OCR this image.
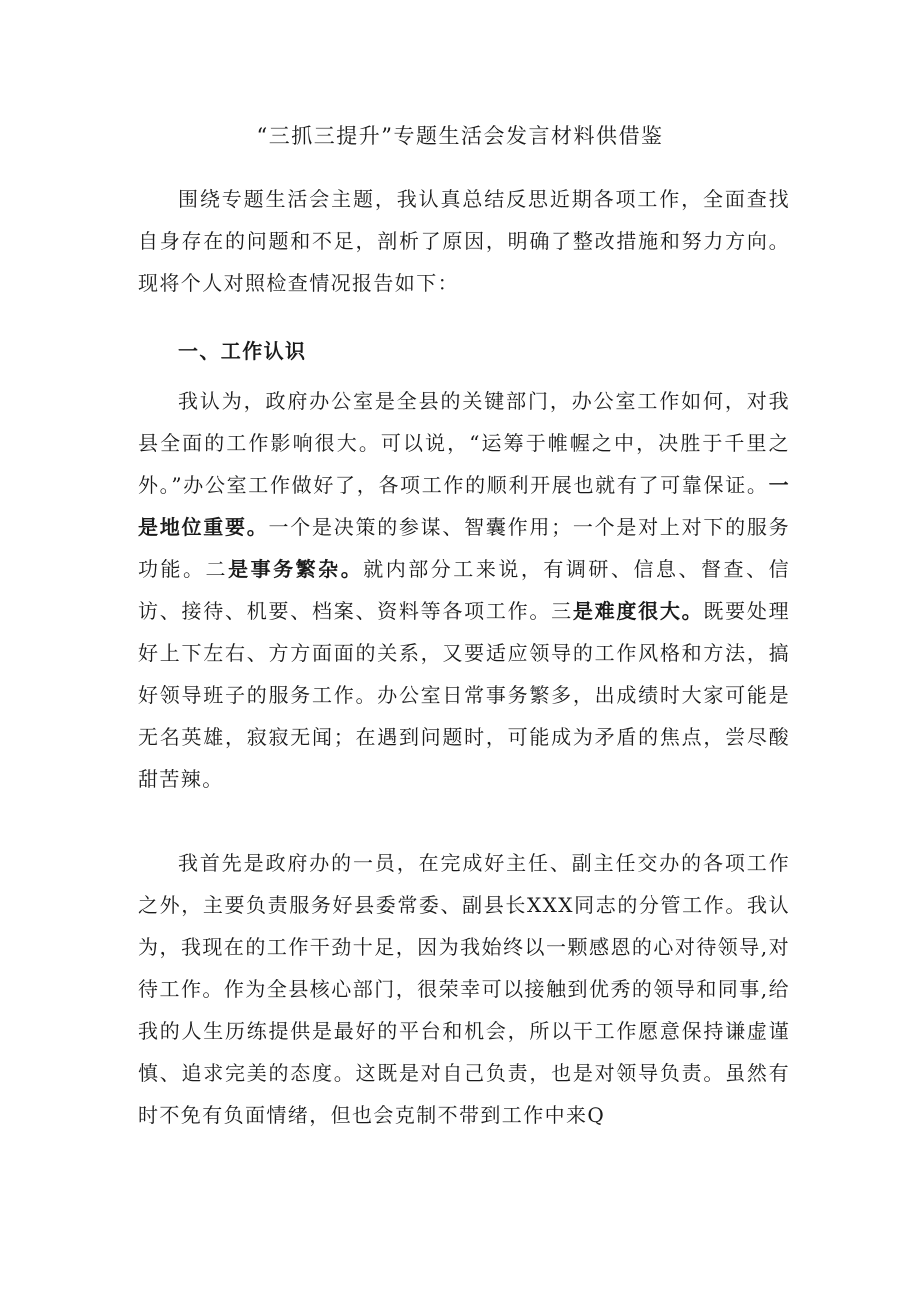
“三抓三提升”专题生活会发言材料供借鉴

围绕专题生活会主题，我认真总结反思近期各项工作，全面查找自身存在的问题和不足，剖析了原因，明确了整改措施和努力方向。现将个人对照检查情况报告如下：

一、工作认识

我认为，政府办公室是全县的关键部门，办公室工作如何，对我县全面的工作影响很大。可以说，“运筹于帷幄之中，决胜于千里之外。”办公室工作做好了，各项工作的顺利开展也就有了可靠保证。一是地位重要。一个是决策的参谋、智囊作用；一个是对上对下的服务功能。二是事务繁杂。就内部分工来说，有调研、信息、督查、信访、接待、机要、档案、资料等各项工作。三是难度很大。既要处理好上下左右、方方面面的关系，又要适应领导的工作风格和方法，搞好领导班子的服务工作。办公室日常事务繁多，出成绩时大家可能是无名英雄，寂寂无闻；在遇到问题时，可能成为矛盾的焦点，尝尽酸甜苦辣。

我首先是政府办的一员，在完成好主任、副主任交办的各项工作之外，主要负责服务好县委常委、副县长XXX同志的分管工作。我认为，我现在的工作干劲十足，因为我始终以一颗感恩的心对待领导,对待工作。作为全县核心部门，很荣幸可以接触到优秀的领导和同事,给我的人生历练提供是最好的平台和机会，所以干工作愿意保持谦虚谨慎、追求完美的态度。这既是对自己负责，也是对领导负责。虽然有时不免有负面情绪，但也会克制不带到工作中来Q
